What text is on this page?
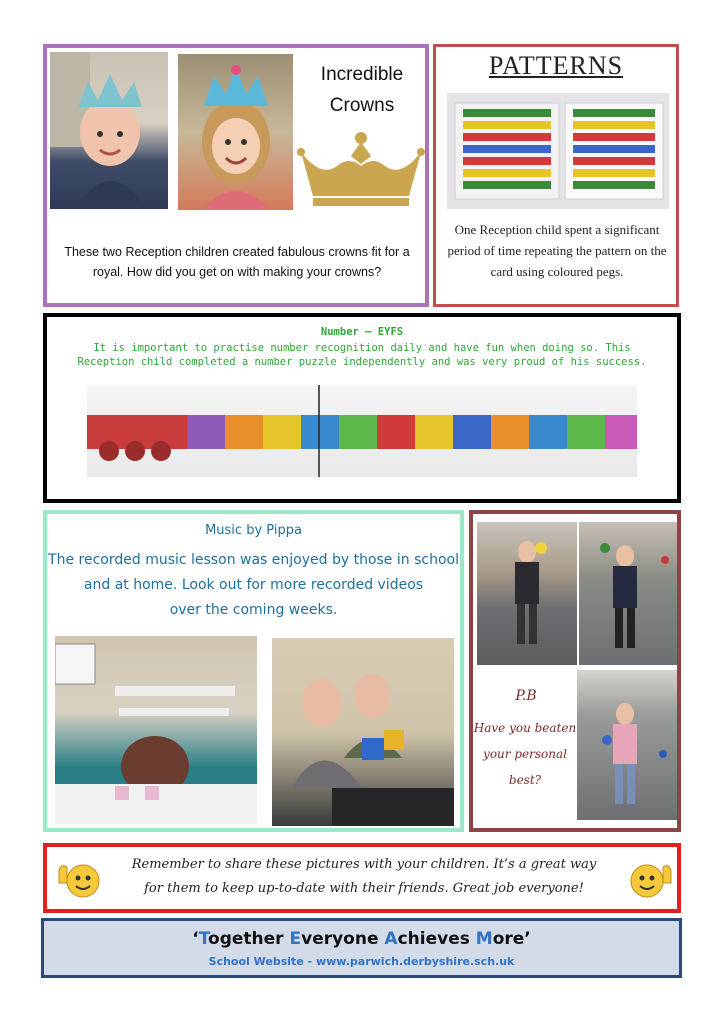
Incredible

Crowns

These two Reception children created fabulous crowns fit for a royal. How did you get on with making your crowns?

PATTERNS

One Reception child spent a significant period of time repeating the pattern on the card using coloured pegs.

Number – EYFS

It is important to practise number recognition daily and have fun when doing so. This Reception child completed a number puzzle independently and was very proud of his success.

Music by Pippa

The recorded music lesson was enjoyed by those in school

and at home. Look out for more recorded videos

over the coming weeks.

P.B

Have you beaten

your personal

best?

Remember to share these pictures with your children. It’s a great way

for them to keep up-to-date with their friends. Great job everyone!

‘Together Everyone Achieves More’

School Website - www.parwich.derbyshire.sch.uk
